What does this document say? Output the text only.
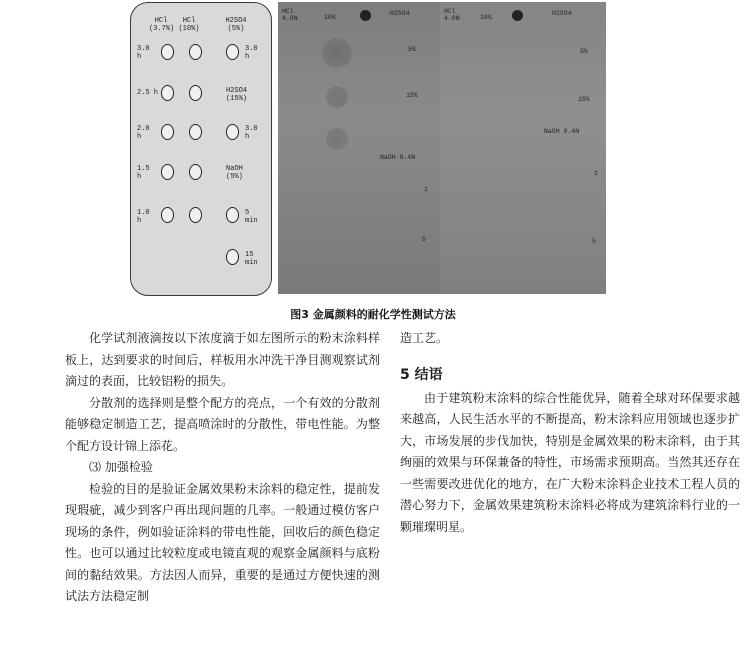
HCl
(3.7%)
HCl
(10%)
H2SO4
(5%)
3.0
h
3.0
h
2.5 h	H2SO4
(15%)
2.0
h
3.0
h
1.5
h
NaOH
(5%)
1.0
h
5
min
15
min
HCl
4.0N	10%
H2SO4
5%
15%
NaOH 0.4N
1
5
HCl
4.0N	10%
H2SO4
5%
15%
NaOH 0.4N
1
5
图3 金属颜料的耐化学性测试方法

化学试剂液滴按以下浓度滴于如左图所示的粉末涂料样板上，达到要求的时间后，样板用水冲洗干净目测观察试剂滴过的表面，比较铝粉的损失。

分散剂的选择则是整个配方的亮点，一个有效的分散剂能够稳定制造工艺，提高喷涂时的分散性，带电性能。为整个配方设计锦上添花。

⑶ 加强检验

检验的目的是验证金属效果粉末涂料的稳定性，提前发现瑕疵，减少到客户再出现问题的几率。一般通过模仿客户现场的条件，例如验证涂料的带电性能，回收后的颜色稳定性。也可以通过比较粒度或电镜直观的观察金属颜料与底粉间的黏结效果。方法因人而异，重要的是通过方便快速的测试法方法稳定制

造工艺。

5 结语

由于建筑粉末涂料的综合性能优异，随着全球对环保要求越来越高，人民生活水平的不断提高，粉末涂料应用领域也逐步扩大，市场发展的步伐加快，特别是金属效果的粉末涂料，由于其绚丽的效果与环保兼备的特性，市场需求预期高。当然其还存在一些需要改进优化的地方，在广大粉末涂料企业技术工程人员的潜心努力下，金属效果建筑粉末涂料必将成为建筑涂料行业的一颗璀璨明星。
